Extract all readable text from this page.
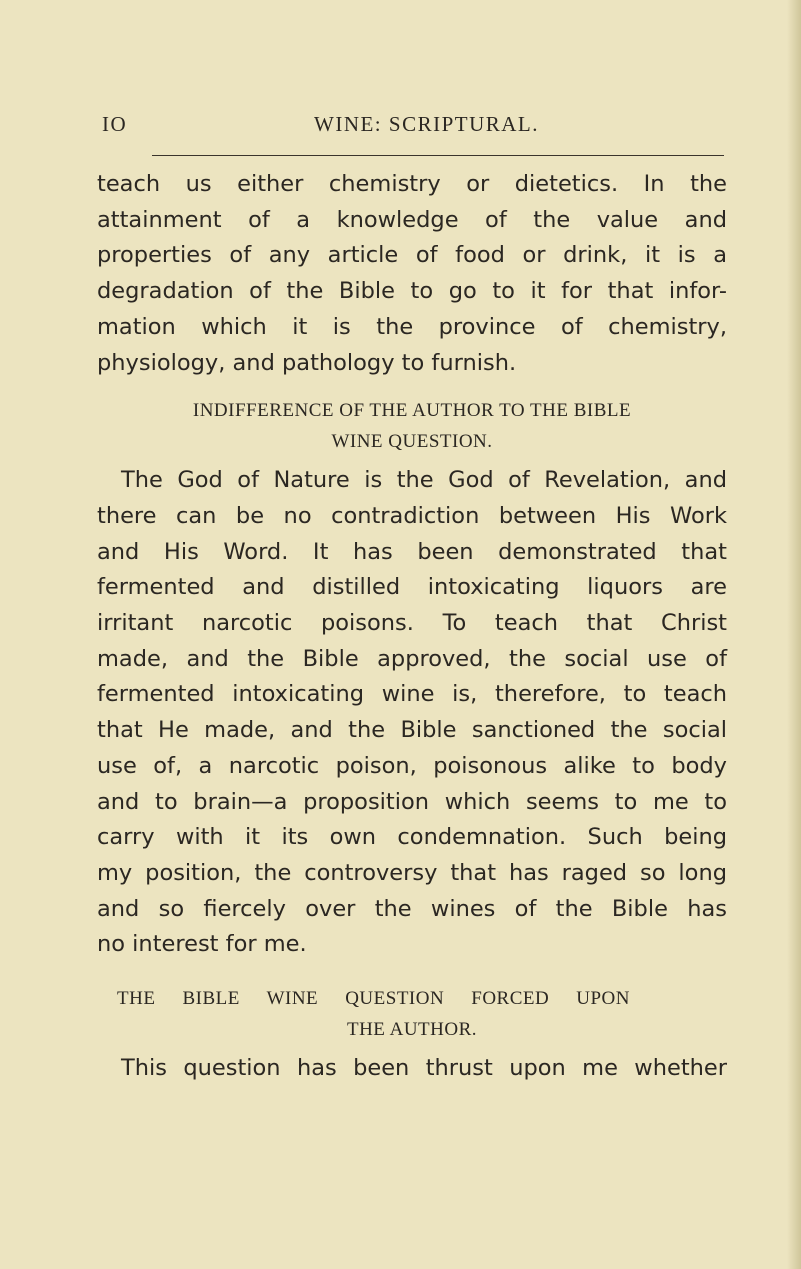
IO	WINE: SCRIPTURAL.
teach us either chemistry or dietetics. In the
attainment of a knowledge of the value and
properties of any article of food or drink, it is a
degradation of the Bible to go to it for that infor-
mation which it is the province of chemistry,
physiology, and pathology to furnish.
INDIFFERENCE OF THE AUTHOR TO THE BIBLE
WINE QUESTION.
The God of Nature is the God of Revelation, and
there can be no contradiction between His Work
and His Word. It has been demonstrated that
fermented and distilled intoxicating liquors are
irritant narcotic poisons. To teach that Christ
made, and the Bible approved, the social use of
fermented intoxicating wine is, therefore, to teach
that He made, and the Bible sanctioned the social
use of, a narcotic poison, poisonous alike to body
and to brain—a proposition which seems to me to
carry with it its own condemnation. Such being
my position, the controversy that has raged so long
and so fiercely over the wines of the Bible has
no interest for me.
THE BIBLE WINE QUESTION FORCED UPON
THE AUTHOR.
This question has been thrust upon me whether
